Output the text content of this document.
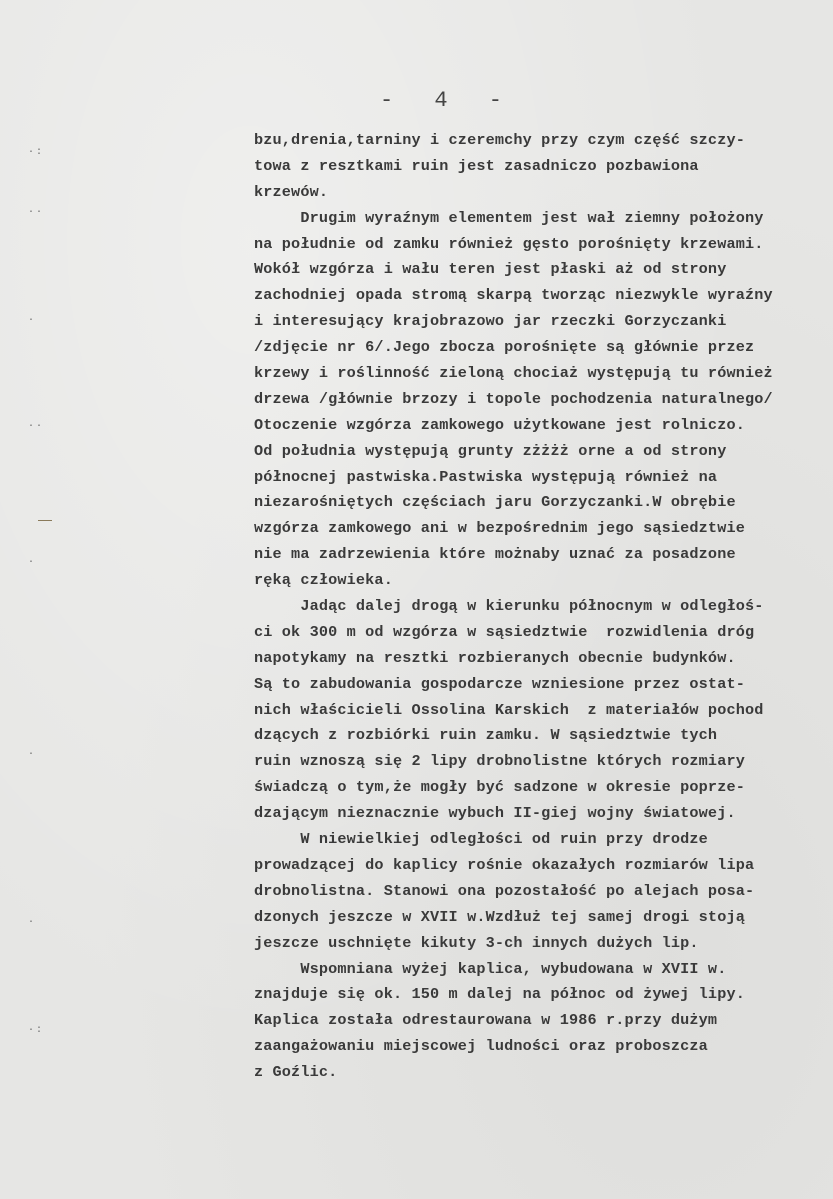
- 4 -
·:
··
·
··
·
·
·
·:
bzu,drenia,tarniny i czeremchy przy czym część szczy-
towa z resztkami ruin jest zasadniczo pozbawiona
krzewów.
Drugim wyraźnym elementem jest wał ziemny położony
na południe od zamku również gęsto porośnięty krzewami.
Wokół wzgórza i wału teren jest płaski aż od strony
zachodniej opada stromą skarpą tworząc niezwykle wyraźny
i interesujący krajobrazowo jar rzeczki Gorzyczanki
/zdjęcie nr 6/.Jego zbocza porośnięte są głównie przez
krzewy i roślinność zieloną chociaż występują tu również
drzewa /głównie brzozy i topole pochodzenia naturalnego/
Otoczenie wzgórza zamkowego użytkowane jest rolniczo.
Od południa występują grunty zżżżż orne a od strony
północnej pastwiska.Pastwiska występują również na
niezarośniętych częściach jaru Gorzyczanki.W obrębie
wzgórza zamkowego ani w bezpośrednim jego sąsiedztwie
nie ma zadrzewienia które możnaby uznać za posadzone
ręką człowieka.
Jadąc dalej drogą w kierunku północnym w odległoś-
ci ok 300 m od wzgórza w sąsiedztwie  rozwidlenia dróg
napotykamy na resztki rozbieranych obecnie budynków.
Są to zabudowania gospodarcze wzniesione przez ostat-
nich właścicieli Ossolina Karskich  z materiałów pochod
dzących z rozbiórki ruin zamku. W sąsiedztwie tych
ruin wznoszą się 2 lipy drobnolistne których rozmiary
świadczą o tym,że mogły być sadzone w okresie poprze-
dzającym nieznacznie wybuch II-giej wojny światowej.
W niewielkiej odległości od ruin przy drodze
prowadzącej do kaplicy rośnie okazałych rozmiarów lipa
drobnolistna. Stanowi ona pozostałość po alejach posa-
dzonych jeszcze w XVII w.Wzdłuż tej samej drogi stoją
jeszcze uschnięte kikuty 3-ch innych dużych lip.
Wspomniana wyżej kaplica, wybudowana w XVII w.
znajduje się ok. 150 m dalej na północ od żywej lipy.
Kaplica została odrestaurowana w 1986 r.przy dużym
zaangażowaniu miejscowej ludności oraz proboszcza
z Goźlic.
